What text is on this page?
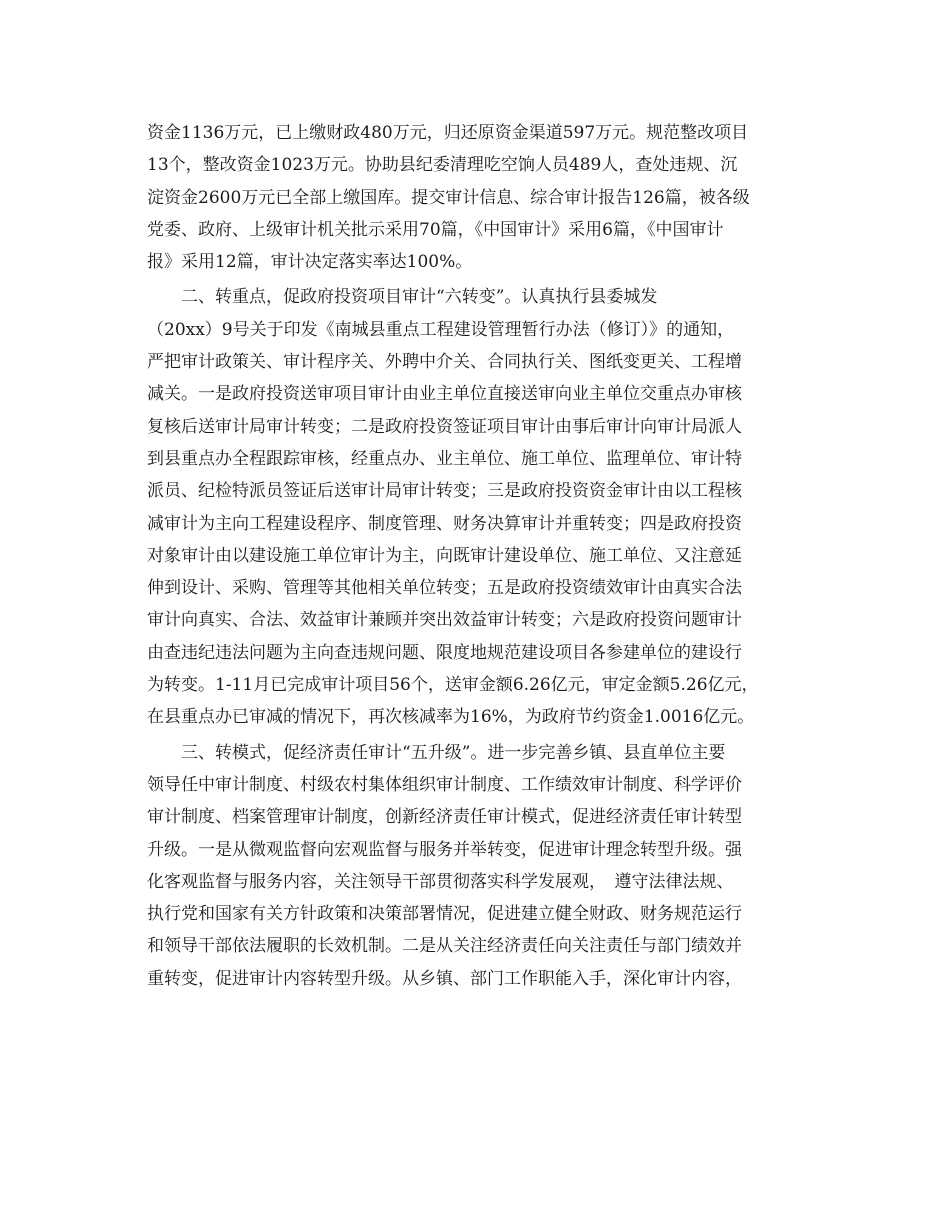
资金1136万元，已上缴财政480万元，归还原资金渠道597万元。规范整改项目
13个，整改资金1023万元。协助县纪委清理吃空饷人员489人，查处违规、沉
淀资金2600万元已全部上缴国库。提交审计信息、综合审计报告126篇，被各级
党委、政府、上级审计机关批示采用70篇，《中国审计》采用6篇，《中国审计
报》采用12篇，审计决定落实率达100%。
　　二、转重点，促政府投资项目审计“六转变”。认真执行县委城发
（20xx）9号关于印发《南城县重点工程建设管理暂行办法（修订）》的通知，
严把审计政策关、审计程序关、外聘中介关、合同执行关、图纸变更关、工程增
减关。一是政府投资送审项目审计由业主单位直接送审向业主单位交重点办审核
复核后送审计局审计转变；二是政府投资签证项目审计由事后审计向审计局派人
到县重点办全程跟踪审核，经重点办、业主单位、施工单位、监理单位、审计特
派员、纪检特派员签证后送审计局审计转变；三是政府投资资金审计由以工程核
减审计为主向工程建设程序、制度管理、财务决算审计并重转变；四是政府投资
对象审计由以建设施工单位审计为主，向既审计建设单位、施工单位、又注意延
伸到设计、采购、管理等其他相关单位转变；五是政府投资绩效审计由真实合法
审计向真实、合法、效益审计兼顾并突出效益审计转变；六是政府投资问题审计
由查违纪违法问题为主向查违规问题、限度地规范建设项目各参建单位的建设行
为转变。1-11月已完成审计项目56个，送审金额6.26亿元，审定金额5.26亿元，
在县重点办已审减的情况下，再次核减率为16%，为政府节约资金1.0016亿元。
　　三、转模式，促经济责任审计“五升级”。进一步完善乡镇、县直单位主要
领导任中审计制度、村级农村集体组织审计制度、工作绩效审计制度、科学评价
审计制度、档案管理审计制度，创新经济责任审计模式，促进经济责任审计转型
升级。一是从微观监督向宏观监督与服务并举转变，促进审计理念转型升级。强
化客观监督与服务内容，关注领导干部贯彻落实科学发展观，　遵守法律法规、
执行党和国家有关方针政策和决策部署情况，促进建立健全财政、财务规范运行
和领导干部依法履职的长效机制。二是从关注经济责任向关注责任与部门绩效并
重转变，促进审计内容转型升级。从乡镇、部门工作职能入手，深化审计内容，
